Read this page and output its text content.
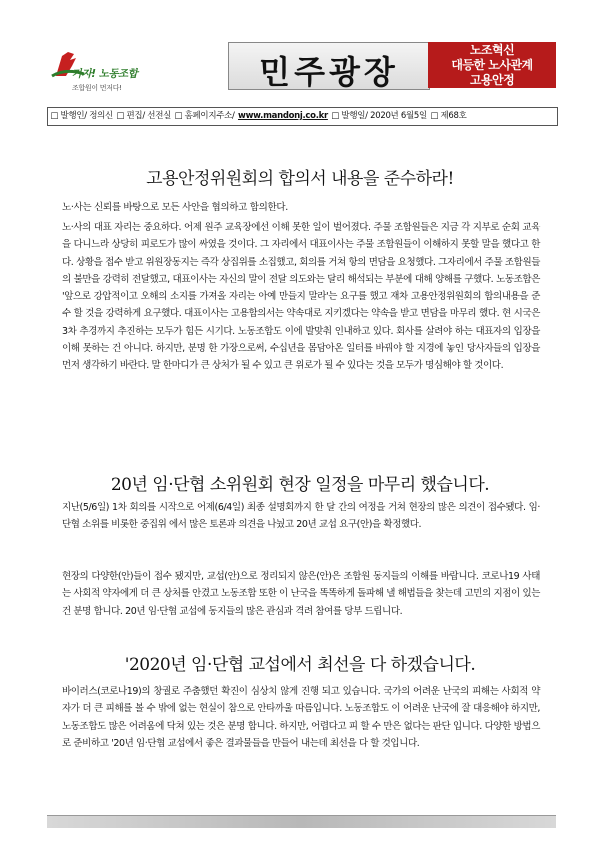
가자! 노동조합
조합원이 먼저다!	민주광장
노조혁신
대등한 노사관계
고용안정
□ 발행인/ 정의신 □ 편집/ 선전실 □ 홈페이지주소/ www.mandonj.co.kr □ 발행일/ 2020년 6월5일 □ 제68호
고용안정위원회의 합의서 내용을 준수하라!
노·사는 신뢰를 바탕으로 모든 사안을 협의하고 합의한다.
노·사의 대표 자리는 중요하다. 어제 원주 교육장에선 이해 못한 일이 벌어졌다. 주물 조합원들은 지금 각 지부로 순회 교육을 다니느라 상당히 피로도가 많이 싸였을 것이다. 그 자리에서 대표이사는 주물 조합원들이 이해하지 못할 말을 했다고 한다. 상황을 접수 받고 위원장동지는 즉각 상집위를 소집했고, 회의를 거쳐 항의 면담을 요청했다. 그자리에서 주물 조합원들의 불만을 강력히 전달했고, 대표이사는 자신의 말이 전달 의도와는 달리 해석되는 부분에 대해 양해를 구했다. 노동조합은 '앞으로 강압적이고 오해의 소지를 가져올 자리는 아예 만들지 말라'는 요구를 했고 재차 고용안정위원회의 합의내용을 준수 할 것을 강력하게 요구했다. 대표이사는 고용합의서는 약속대로 지키겠다는 약속을 받고 면담을 마무리 했다. 현 시국은 3차 추경까지 추진하는 모두가 힘든 시기다. 노동조합도 이에 발맞춰 인내하고 있다. 회사를 살려야 하는 대표자의 입장을 이해 못하는 건 아니다. 하지만, 분명 한 가장으로써, 수십년을 몸담아온 일터를 바꿔야 할 지경에 놓인 당사자들의 입장을 먼저 생각하기 바란다. 말 한마디가 큰 상처가 될 수 있고 큰 위로가 될 수 있다는 것을 모두가 명심해야 할 것이다.
20년 임·단협 소위원회 현장 일정을 마무리 했습니다.
지난(5/6일) 1차 회의를 시작으로 어제(6/4일) 최종 설명회까지 한 달 간의 여정을 거쳐 현장의 많은 의견이 접수됐다. 임·단협 소위를 비롯한 중집위 에서 많은 토론과 의견을 나눴고 20년 교섭 요구(안)을 확정했다.
현장의 다양한(안)들이 접수 됐지만, 교섭(안)으로 정리되지 않은(안)은 조합원 동지들의 이해를 바랍니다. 코로나19 사태는 사회적 약자에게 더 큰 상처를 안겼고 노동조합 또한 이 난국을 똑똑하게 돌파해 낼 해법들을 찾는데 고민의 지점이 있는 건 분명 합니다. 20년 임·단협 교섭에 동지들의 많은 관심과 격려 참여를 당부 드립니다.
'2020년 임·단협 교섭에서 최선을 다 하겠습니다.
바이러스(코로나19)의 창궐로 주춤했던 확진이 심상치 않게 진행 되고 있습니다. 국가의 어려운 난국의 피해는 사회적 약자가 더 큰 피해를 볼 수 밖에 없는 현실이 참으로 안타까울 따름입니다. 노동조합도 이 어려운 난국에 잘 대응해야 하지만, 노동조합도 많은 어려움에 닥쳐 있는 것은 분명 합니다. 하지만, 어렵다고 피 할 수 만은 없다는 판단 입니다. 다양한 방법으로 준비하고 '20년 임·단협 교섭에서 좋은 결과물들을 만들어 내는데 최선을 다 할 것입니다.
